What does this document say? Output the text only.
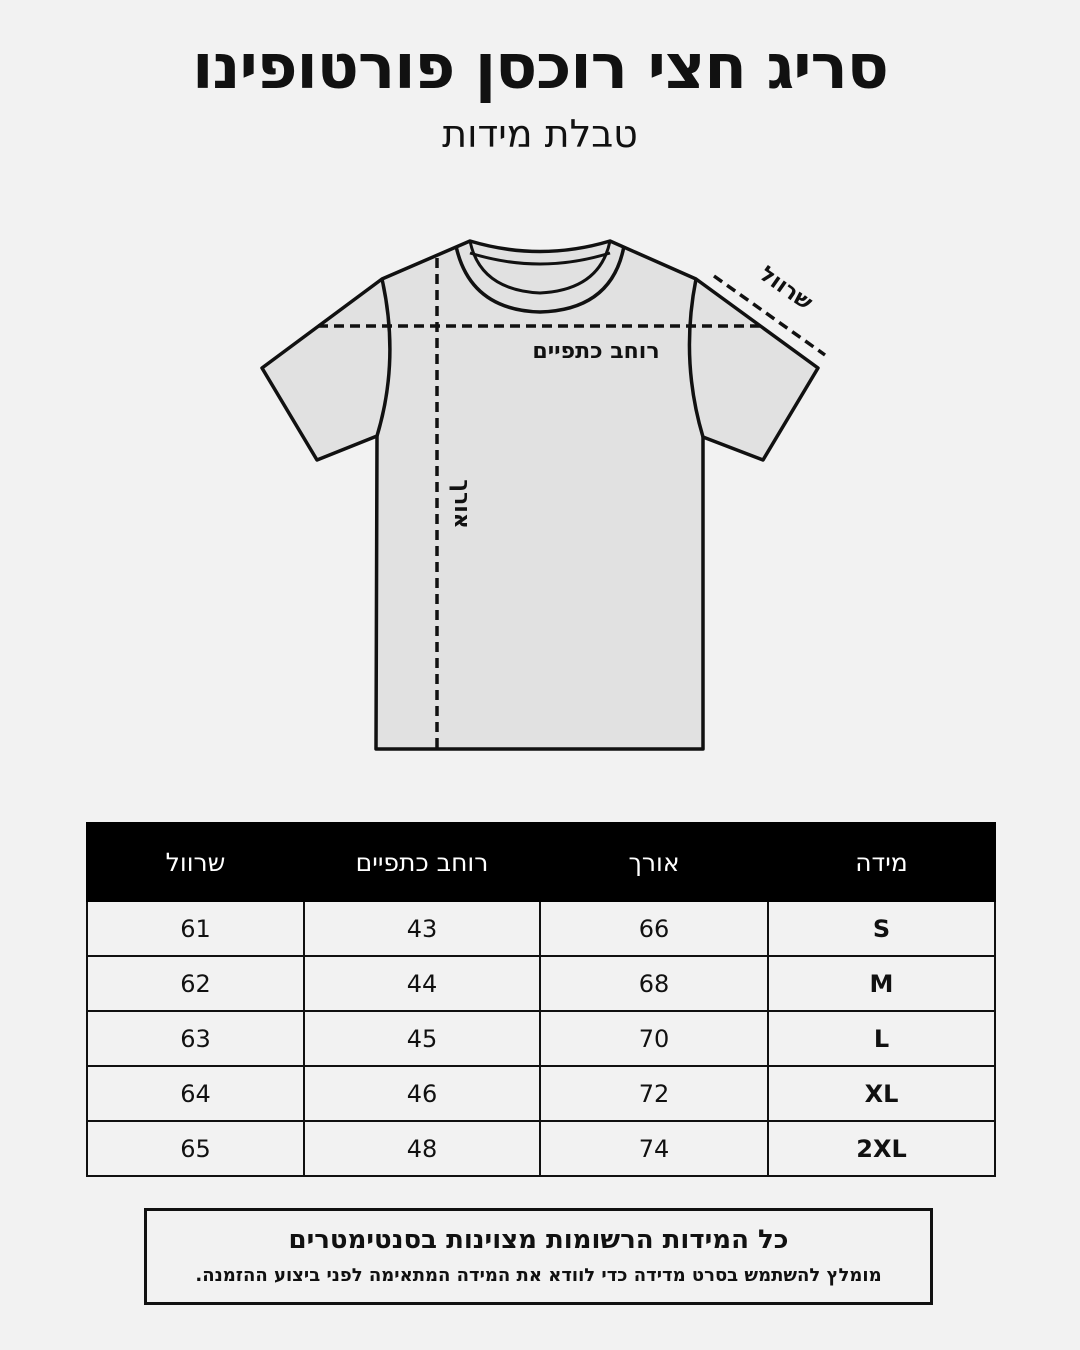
סריג חצי רוכסן פורטופינו
טבלת מידות
רוחב כתפיים
אורך
שרוול
מידה	אורך	רוחב כתפיים	שרוול
S	66	43	61
M	68	44	62
L	70	45	63
XL	72	46	64
2XL	74	48	65
כל המידות הרשומות מצוינות בסנטימטרים
מומלץ להשתמש בסרט מדידה כדי לוודא את המידה המתאימה לפני ביצוע ההזמנה.
